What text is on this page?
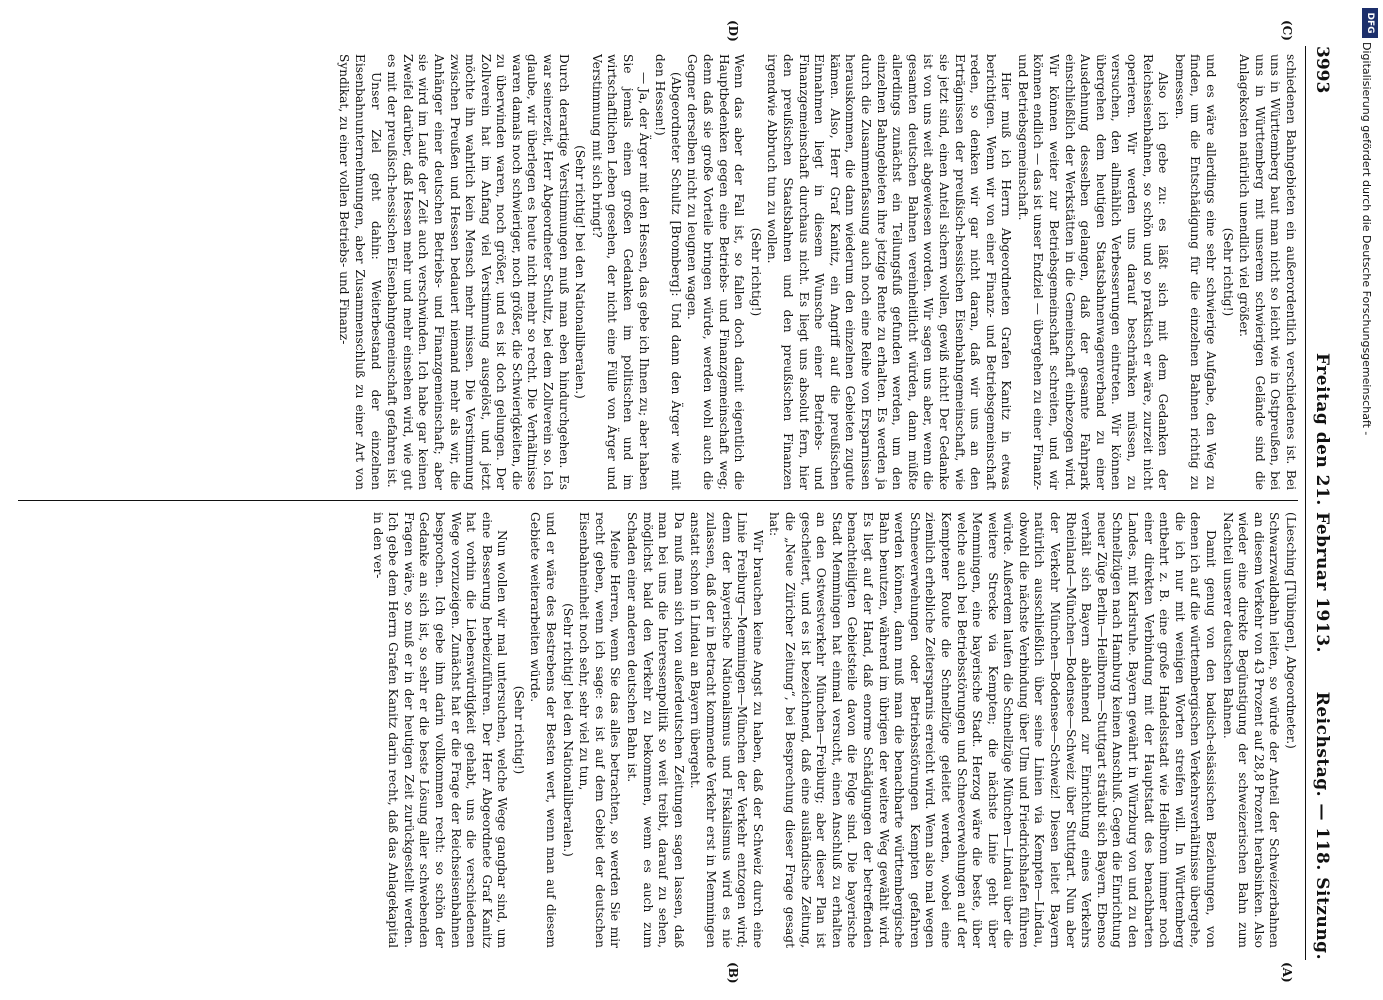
3993
Freitag den 21. Februar 1913.
Reichstag. — 118. Sitzung.
(C)
(D)
(A)
(B)

schiedenen Bahngebieten ein außerordentlich verschiedenes ist. Bei uns in Württemberg baut man nicht so leicht wie in Ostpreußen, bei uns in Württemberg mit unserem schwierigen Gelände sind die Anlagekosten natürlich unendlich viel größer.

(Sehr richtig!)

und es wäre allerdings eine sehr schwierige Aufgabe, den Weg zu finden, um die Entschädigung für die einzelnen Bahnen richtig zu bemessen.

Also ich gebe zu: es läßt sich mit dem Gedanken der Reichseisenbahnen, so schön und so praktisch er wäre, zurzeit nicht operieren. Wir werden uns darauf beschränken müssen, zu versuchen, den allmählich Verbesserungen eintreten. Wir können übergehen dem heutigen Staatsbahnenwagenverband zu einer Ausdehnung desselben gelangen, daß der gesamte Fahrpark einschließlich der Werkstätten in die Gemeinschaft einbezogen wird. Wir können weiter zur Betriebsgemeinschaft schreiten, und wir können endlich — das ist unser Endziel — übergehen zu einer Finanz- und Betriebsgemeinschaft.

Hier muß ich Herrn Abgeordneten Grafen Kanitz in etwas berichtigen. Wenn wir von einer Finanz- und Betriebsgemeinschaft reden, so denken wir gar nicht daran, daß wir uns an den Erträgnissen der preußisch-hessischen Eisenbahngemeinschaft, wie sie jetzt sind, einen Anteil sichern wollen, gewiß nicht! Der Gedanke ist von uns weit abgewiesen worden. Wir sagen uns aber, wenn die gesamten deutschen Bahnen vereinheitlicht würden, dann müßte allerdings zunächst ein Teilungsfuß gefunden werden, um den einzelnen Bahngebieten ihre jetzige Rente zu erhalten. Es werden ja durch die Zusammenfassung auch noch eine Reihe von Ersparnissen herauskommen, die dann wiederum den einzelnen Gebieten zugute kämen. Also, Herr Graf Kanitz, ein Angriff auf die preußischen Einnahmen liegt in diesem Wunsche einer Betriebs- und Finanzgemeinschaft durchaus nicht. Es liegt uns absolut fern, hier den preußischen Staatsbahnen und den preußischen Finanzen irgendwie Abbruch tun zu wollen.

(Sehr richtig!)

Wenn das aber der Fall ist, so fallen doch damit eigentlich die Hauptbedenken gegen eine Betriebs- und Finanzgemeinschaft weg; denn daß sie große Vorteile bringen würde, werden wohl auch die Gegner derselben nicht zu leugnen wagen.

(Abgeordneter Schultz [Bromberg]: Und dann den Ärger wie mit den Hessen!)

— Ja, der Ärger mit den Hessen, das gebe ich Ihnen zu; aber haben Sie jemals einen großen Gedanken im politischen und im wirtschaftlichen Leben gesehen, der nicht eine Fülle von Ärger und Verstimmung mit sich bringt?

(Sehr richtig! bei den Nationalliberalen.)

Durch derartige Verstimmungen muß man eben hindurchgehen. Es war seinerzeit, Herr Abgeordneter Schultz, bei dem Zollverein so. Ich glaube, wir überlegen es heute nicht mehr so recht. Die Verhältnisse waren damals noch schwieriger, noch größer, die Schwierigkeiten, die zu überwinden waren, noch größer, und es ist doch gelungen. Der Zollverein hat im Anfang viel Verstimmung ausgelöst, und jetzt möchte ihn wahrlich kein Mensch mehr missen. Die Verstimmung zwischen Preußen und Hessen bedauert niemand mehr als wir, die Anhänger einer deutschen Betriebs- und Finanzgemeinschaft; aber sie wird im Laufe der Zeit auch verschwinden. Ich habe gar keinen Zweifel darüber, daß Hessen mehr und mehr einsehen wird, wie gut es mit der preußisch-hessischen Eisenbahngemeinschaft gefahren ist.

Unser Ziel geht dahin: Weiterbestand der einzelnen Eisenbahnunternehmungen, aber Zusammenschluß zu einer Art von Syndikat, zu einer vollen Betriebs- und Finanz-

(Liesching [Tübingen], Abgeordneter.)

Schwarzwaldbahn leiten, so würde der Anteil der Schweizerbahnen an diesem Verkehr von 43 Prozent auf 28,8 Prozent herabsinken. Also wieder eine direkte Begünstigung der schweizerischen Bahn zum Nachteil unserer deutschen Bahnen.

Damit genug von den badisch-elsässischen Beziehungen, von denen ich auf die württembergischen Verkehrsverhältnisse übergehe, die ich nur mit wenigen Worten streifen will. In Württemberg entbehrt z. B. eine große Handelsstadt wie Heilbronn immer noch einer direkten Verbindung mit der Hauptstadt des benachbarten Landes, mit Karlsruhe. Bayern gewährt in Würzburg von und zu den Schnellzügen nach Hamburg keinen Anschluß. Gegen die Einrichtung neuer Züge Berlin—Heilbronn—Stuttgart sträubt sich Bayern. Ebenso verhält sich Bayern ablehnend zur Einrichtung eines Verkehrs Rheinland—München—Bodensee—Schweiz über Stuttgart. Nun aber der Verkehr München—Bodensee—Schweiz! Diesen leitet Bayern natürlich ausschließlich über seine Linien via Kempten—Lindau, obwohl die nächste Verbindung über Ulm und Friedrichshafen führen würde. Außerdem laufen die Schnellzüge München—Lindau über die weitere Strecke via Kempten; die nächste Linie geht über Memmingen, eine bayerische Stadt. Herzog wäre die beste, über welche auch bei Betriebsstörungen und Schneeverwehungen auf der Kemptener Route die Schnellzüge geleitet werden, wobei eine ziemlich erhebliche Zeitersparnis erreicht wird. Wenn also mal wegen Schneeverwehungen oder Betriebsstörungen Kempten gefahren werden können, dann muß man die benachbarte württembergische Bahn benutzen, während im übrigen der weitere Weg gewählt wird. Es liegt auf der Hand, daß enorme Schädigungen der betreffenden benachteiligten Gebietsteile davon die Folge sind. Die bayerische Stadt Memmingen hat einmal versucht, einen Anschluß zu erhalten an den Ostwestverkehr München—Freiburg; aber dieser Plan ist gescheitert, und es ist bezeichnend, daß eine ausländische Zeitung, die „Neue Züricher Zeitung“, bei Besprechung dieser Frage gesagt hat:

Wir brauchen keine Angst zu haben, daß der Schweiz durch eine Linie Freiburg—Memmingen—München der Verkehr entzogen wird; denn der bayerische Nationalismus und Fiskalismus wird es nie zulassen, daß der in Betracht kommende Verkehr erst in Memmingen anstatt schon in Lindau an Bayern übergeht.

Da muß man sich von außerdeutschen Zeitungen sagen lassen, daß man bei uns die Interessenpolitik so weit treibt, darauf zu sehen, möglichst bald den Verkehr zu bekommen, wenn es auch zum Schaden einer anderen deutschen Bahn ist.

Meine Herren, wenn Sie das alles betrachten, so werden Sie mir recht geben, wenn ich sage: es ist auf dem Gebiet der deutschen Eisenbahneinheit noch sehr, sehr viel zu tun,

(Sehr richtig! bei den Nationalliberalen.)

und er wäre des Bestrebens der Besten wert, wenn man auf diesem Gebiete weiterarbeiten würde.

(Sehr richtig!)

Nun wollen wir mal untersuchen, welche Wege gangbar sind, um eine Besserung herbeizuführen. Der Herr Abgeordnete Graf Kanitz hat vorhin die Liebenswürdigkeit gehabt, uns die verschiedenen Wege vorzuzeigen. Zunächst hat er die Frage der Reichseisenbahnen besprochen. Ich gebe ihm darin vollkommen recht: so schön der Gedanke an sich ist, so sehr er die beste Lösung aller schwebenden Fragen wäre, so muß er in der heutigen Zeit zurückgestellt werden. Ich gebe dem Herrn Grafen Kanitz darin recht, daß das Anlagekapital in den ver-

DFG
Digitalisierung gefördert durch die Deutsche Forschungsgemeinschaft -
